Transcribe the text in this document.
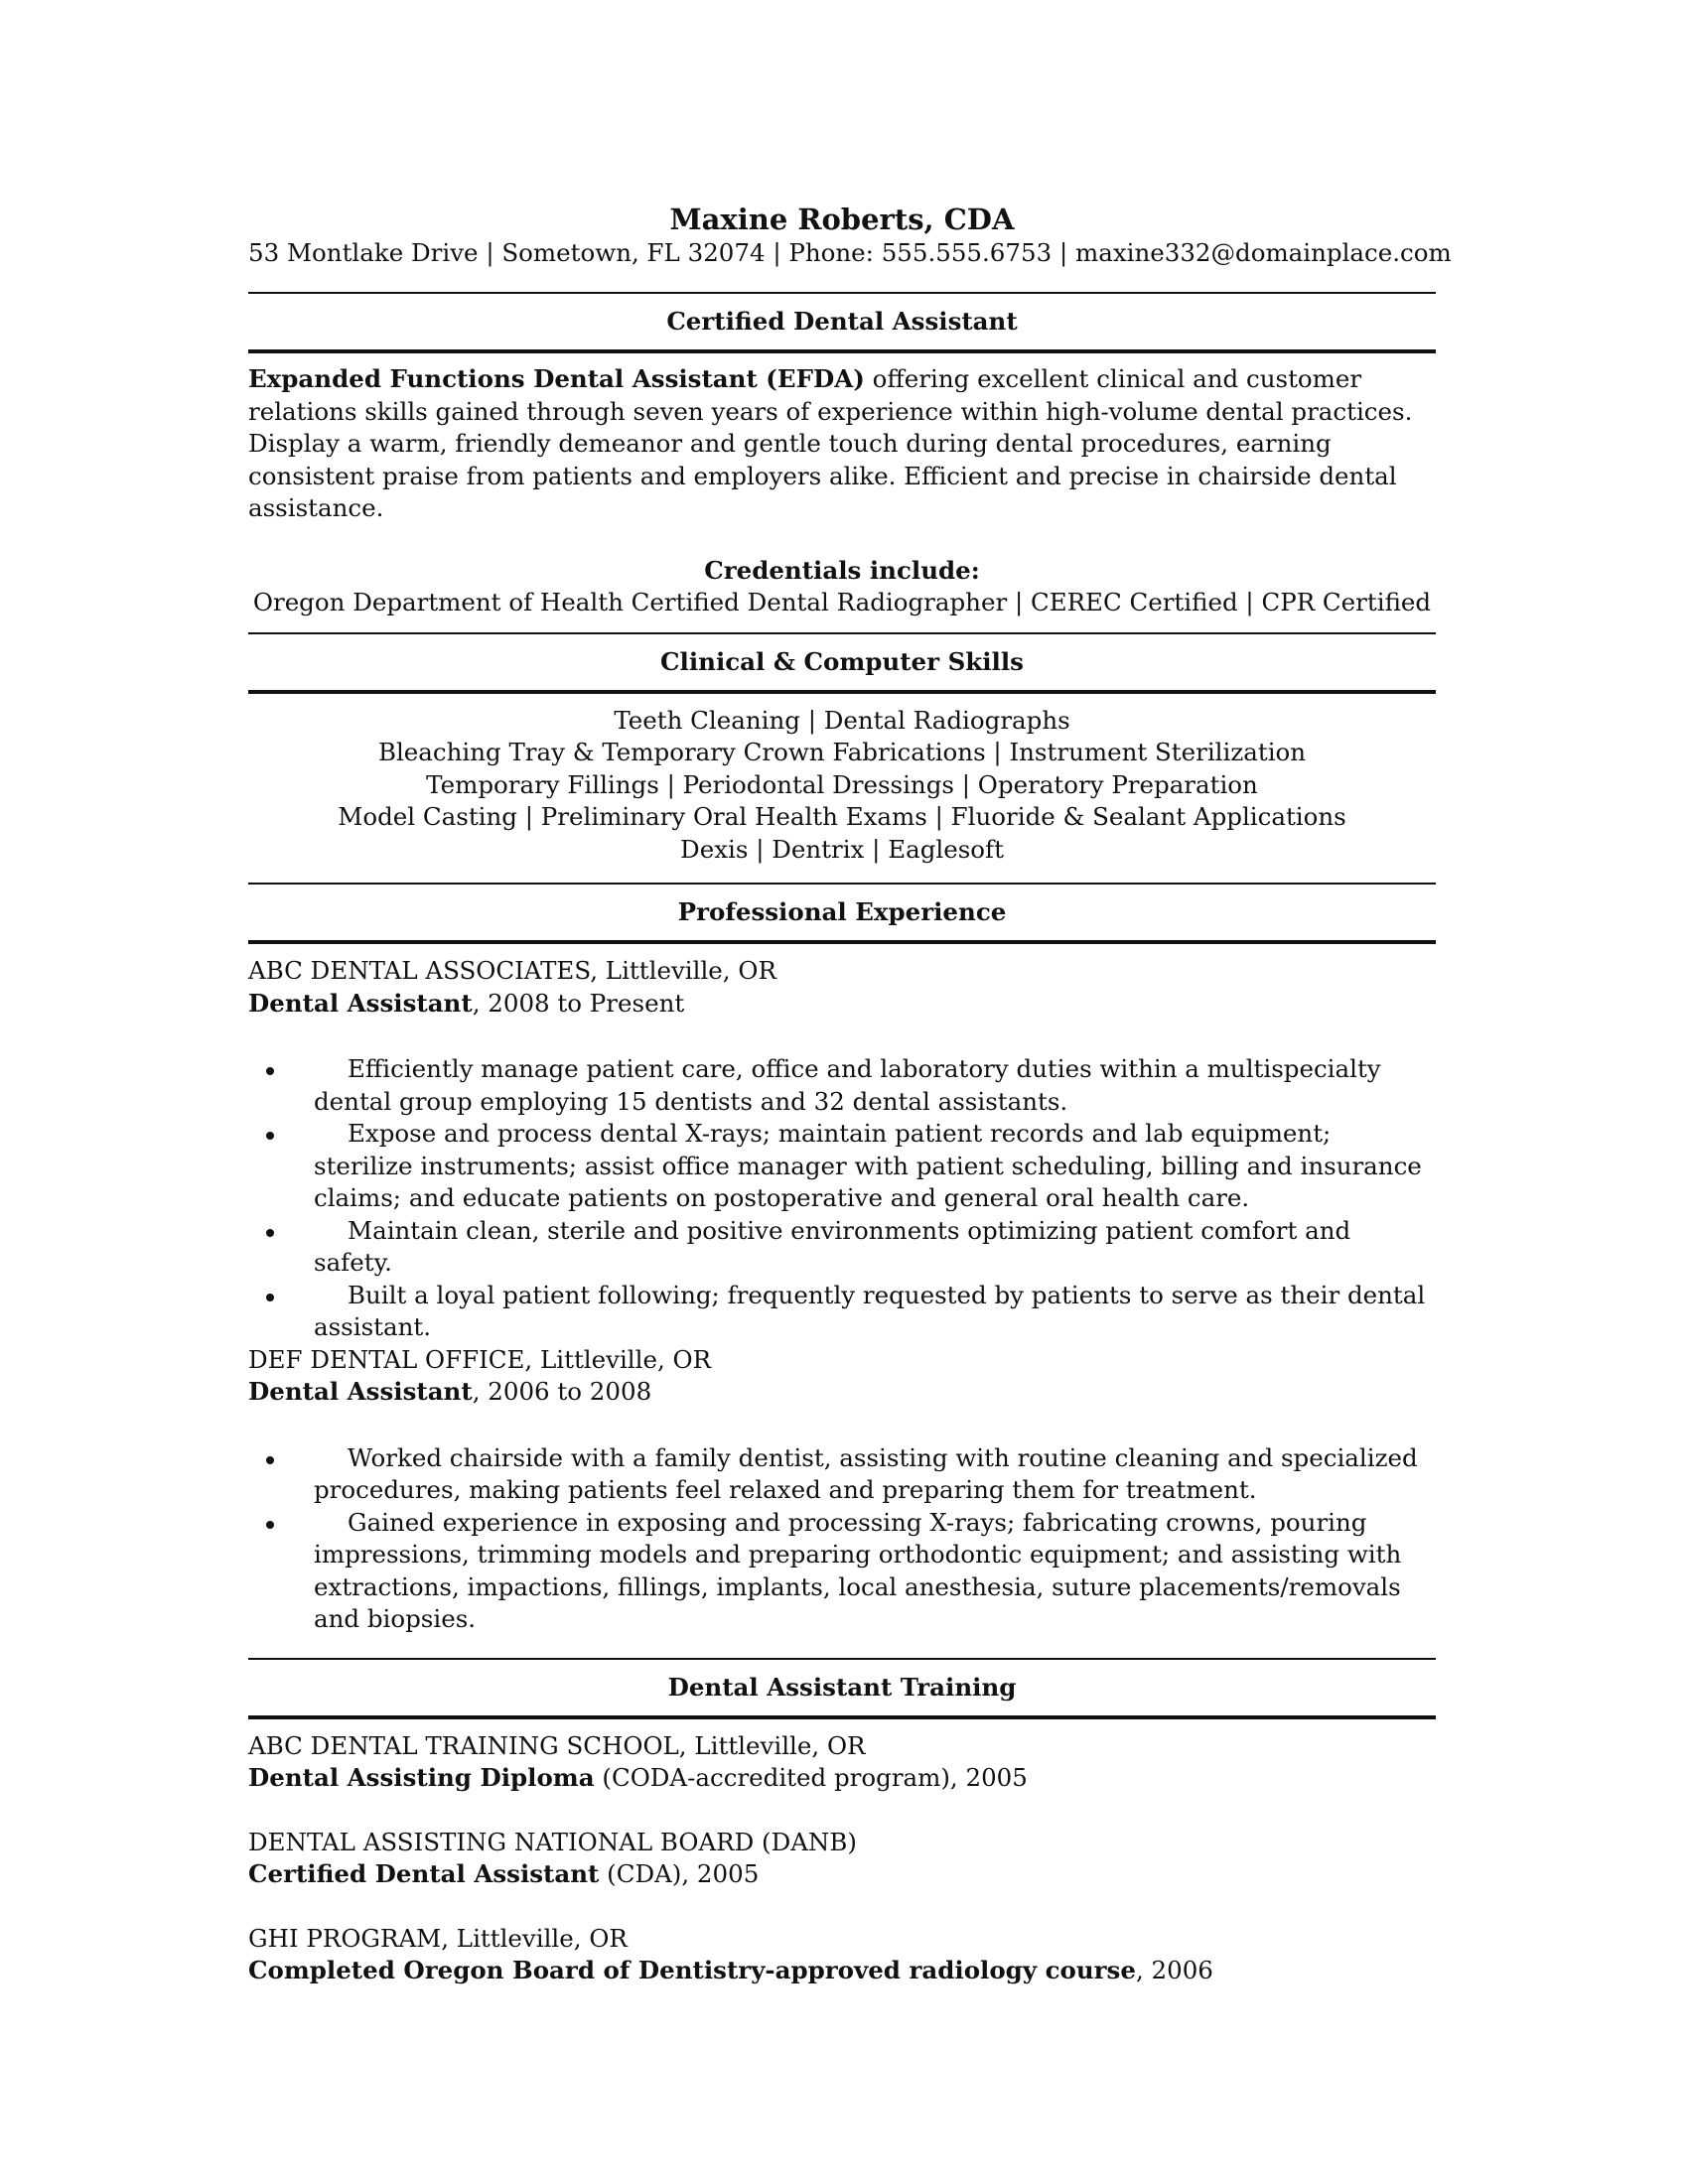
Maxine Roberts, CDA
53 Montlake Drive | Sometown, FL 32074 | Phone: 555.555.6753 | maxine332@domainplace.com
Certified Dental Assistant
Expanded Functions Dental Assistant (EFDA) offering excellent clinical and customer relations skills gained through seven years of experience within high-volume dental practices. Display a warm, friendly demeanor and gentle touch during dental procedures, earning consistent praise from patients and employers alike. Efficient and precise in chairside dental assistance.
Credentials include:
Oregon Department of Health Certified Dental Radiographer | CEREC Certified | CPR Certified
Clinical & Computer Skills
Teeth Cleaning | Dental Radiographs
Bleaching Tray & Temporary Crown Fabrications | Instrument Sterilization
Temporary Fillings | Periodontal Dressings | Operatory Preparation
Model Casting | Preliminary Oral Health Exams | Fluoride & Sealant Applications
Dexis | Dentrix | Eaglesoft
Professional Experience
ABC DENTAL ASSOCIATES, Littleville, OR
Dental Assistant, 2008 to Present
Efficiently manage patient care, office and laboratory duties within a multispecialty dental group employing 15 dentists and 32 dental assistants.
Expose and process dental X-rays; maintain patient records and lab equipment; sterilize instruments; assist office manager with patient scheduling, billing and insurance claims; and educate patients on postoperative and general oral health care.
Maintain clean, sterile and positive environments optimizing patient comfort and safety.
Built a loyal patient following; frequently requested by patients to serve as their dental assistant.
DEF DENTAL OFFICE, Littleville, OR
Dental Assistant, 2006 to 2008
Worked chairside with a family dentist, assisting with routine cleaning and specialized procedures, making patients feel relaxed and preparing them for treatment.
Gained experience in exposing and processing X-rays; fabricating crowns, pouring impressions, trimming models and preparing orthodontic equipment; and assisting with extractions, impactions, fillings, implants, local anesthesia, suture placements/removals and biopsies.
Dental Assistant Training
ABC DENTAL TRAINING SCHOOL, Littleville, OR
Dental Assisting Diploma (CODA-accredited program), 2005
DENTAL ASSISTING NATIONAL BOARD (DANB)
Certified Dental Assistant (CDA), 2005
GHI PROGRAM, Littleville, OR
Completed Oregon Board of Dentistry-approved radiology course, 2006
